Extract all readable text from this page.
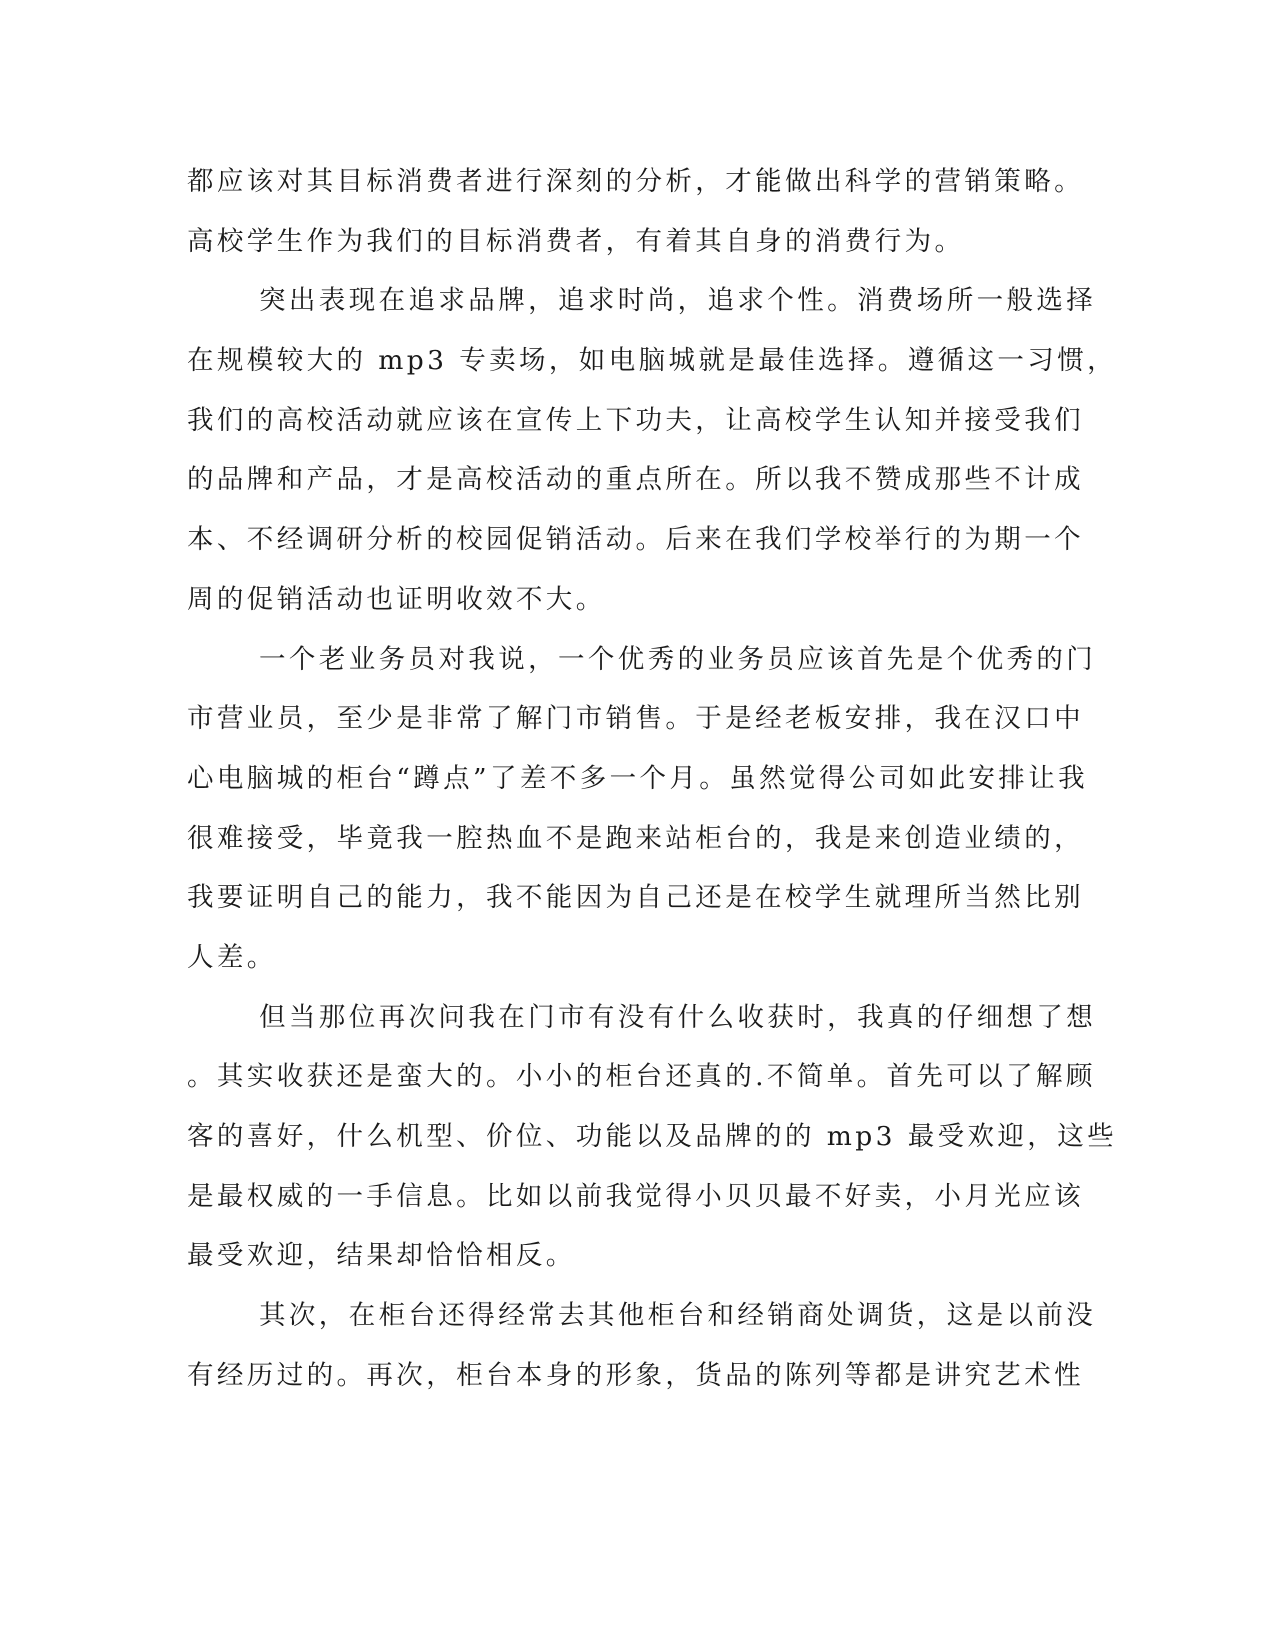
都应该对其目标消费者进行深刻的分析，才能做出科学的营销策略。
高校学生作为我们的目标消费者，有着其自身的消费行为。
突出表现在追求品牌，追求时尚，追求个性。消费场所一般选择
在规模较大的 mp3 专卖场，如电脑城就是最佳选择。遵循这一习惯，
我们的高校活动就应该在宣传上下功夫，让高校学生认知并接受我们
的品牌和产品，才是高校活动的重点所在。所以我不赞成那些不计成
本、不经调研分析的校园促销活动。后来在我们学校举行的为期一个
周的促销活动也证明收效不大。
一个老业务员对我说，一个优秀的业务员应该首先是个优秀的门
市营业员，至少是非常了解门市销售。于是经老板安排，我在汉口中
心电脑城的柜台“蹲点”了差不多一个月。虽然觉得公司如此安排让我
很难接受，毕竟我一腔热血不是跑来站柜台的，我是来创造业绩的，
我要证明自己的能力，我不能因为自己还是在校学生就理所当然比别
人差。
但当那位再次问我在门市有没有什么收获时，我真的仔细想了想
。其实收获还是蛮大的。小小的柜台还真的.不简单。首先可以了解顾
客的喜好，什么机型、价位、功能以及品牌的的 mp3 最受欢迎，这些
是最权威的一手信息。比如以前我觉得小贝贝最不好卖，小月光应该
最受欢迎，结果却恰恰相反。
其次，在柜台还得经常去其他柜台和经销商处调货，这是以前没
有经历过的。再次，柜台本身的形象，货品的陈列等都是讲究艺术性
